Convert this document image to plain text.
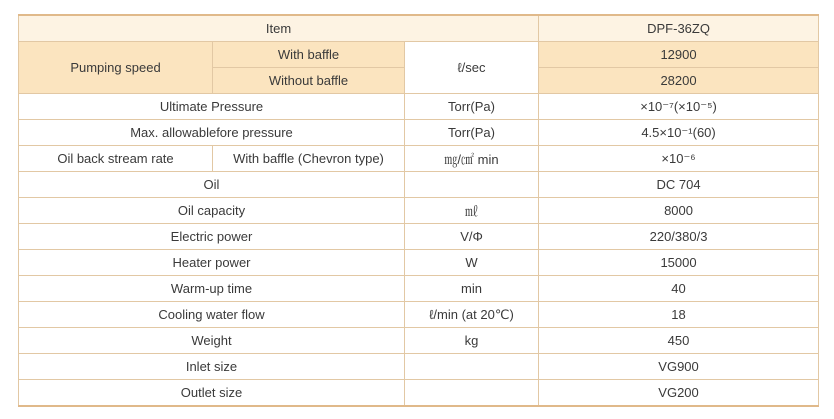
Item			DPF-36ZQ
Pumping speed	With baffle	ℓ/sec	12900
	Without baffle		28200
Ultimate Pressure		Torr(Pa)	×10⁻⁷(×10⁻⁵)
Max. allowablefore pressure		Torr(Pa)	4.5×10⁻¹(60)
Oil back stream rate	With baffle (Chevron type)	㎎/㎠ min	×10⁻⁶
Oil			DC 704
Oil capacity		㎖	8000
Electric power		V/Φ	220/380/3
Heater power		W	15000
Warm-up time		min	40
Cooling water flow		ℓ/min (at 20℃)	18
Weight		kg	450
Inlet size			VG900
Outlet size			VG200
